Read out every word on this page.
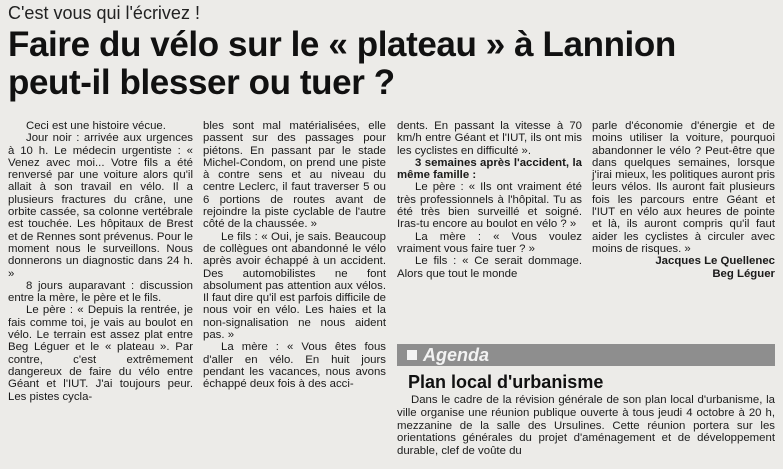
C'est vous qui l'écrivez !
Faire du vélo sur le « plateau » à Lannion
peut-il blesser ou tuer ?

Ceci est une histoire vécue.

Jour noir : arrivée aux urgences à 10 h. Le médecin urgentiste : « Venez avec moi... Votre fils a été renversé par une voiture alors qu'il allait à son travail en vélo. Il a plusieurs fractures du crâne, une orbite cassée, sa colonne vertébrale est touchée. Les hôpitaux de Brest et de Rennes sont prévenus. Pour le moment nous le surveillons. Nous donnerons un diagnostic dans 24 h. »

8 jours auparavant : discussion entre la mère, le père et le fils.

Le père : « Depuis la rentrée, je fais comme toi, je vais au boulot en vélo. Le terrain est assez plat entre Beg Léguer et le « plateau ». Par contre, c'est extrêmement dangereux de faire du vélo entre Géant et l'IUT. J'ai toujours peur. Les pistes cycla-

bles sont mal matérialisées, elle passent sur des passages pour piétons. En passant par le stade Michel-Condom, on prend une piste à contre sens et au niveau du centre Leclerc, il faut traverser 5 ou 6 portions de routes avant de rejoindre la piste cyclable de l'autre côté de la chaussée. »

Le fils : « Oui, je sais. Beaucoup de collègues ont abandonné le vélo après avoir échappé à un accident. Des automobilistes ne font absolument pas attention aux vélos. Il faut dire qu'il est parfois difficile de nous voir en vélo. Les haies et la non-signalisation ne nous aident pas. »

La mère : « Vous êtes fous d'aller en vélo. En huit jours pendant les vacances, nous avons échappé deux fois à des acci-

dents. En passant la vitesse à 70 km/h entre Géant et l'IUT, ils ont mis les cyclistes en difficulté ».

3 semaines après l'accident, la même famille :

Le père : « Ils ont vraiment été très professionnels à l'hôpital. Tu as été très bien surveillé et soigné. Iras-tu encore au boulot en vélo ? »

La mère : « Vous voulez vraiment vous faire tuer ? »

Le fils : « Ce serait dommage. Alors que tout le monde

parle d'économie d'énergie et de moins utiliser la voiture, pourquoi abandonner le vélo ? Peut-être que dans quelques semaines, lorsque j'irai mieux, les politiques auront pris leurs vélos. Ils auront fait plusieurs fois les parcours entre Géant et l'IUT en vélo aux heures de pointe et là, ils auront compris qu'il faut aider les cyclistes à circuler avec moins de risques. »

Jacques Le Quellenec

Beg Léguer

Agenda
Plan local d'urbanisme

Dans le cadre de la révision générale de son plan local d'urbanisme, la ville organise une réunion publique ouverte à tous jeudi 4 octobre à 20 h, mezzanine de la salle des Ursulines. Cette réunion portera sur les orientations générales du projet d'aménagement et de développement durable, clef de voûte du
